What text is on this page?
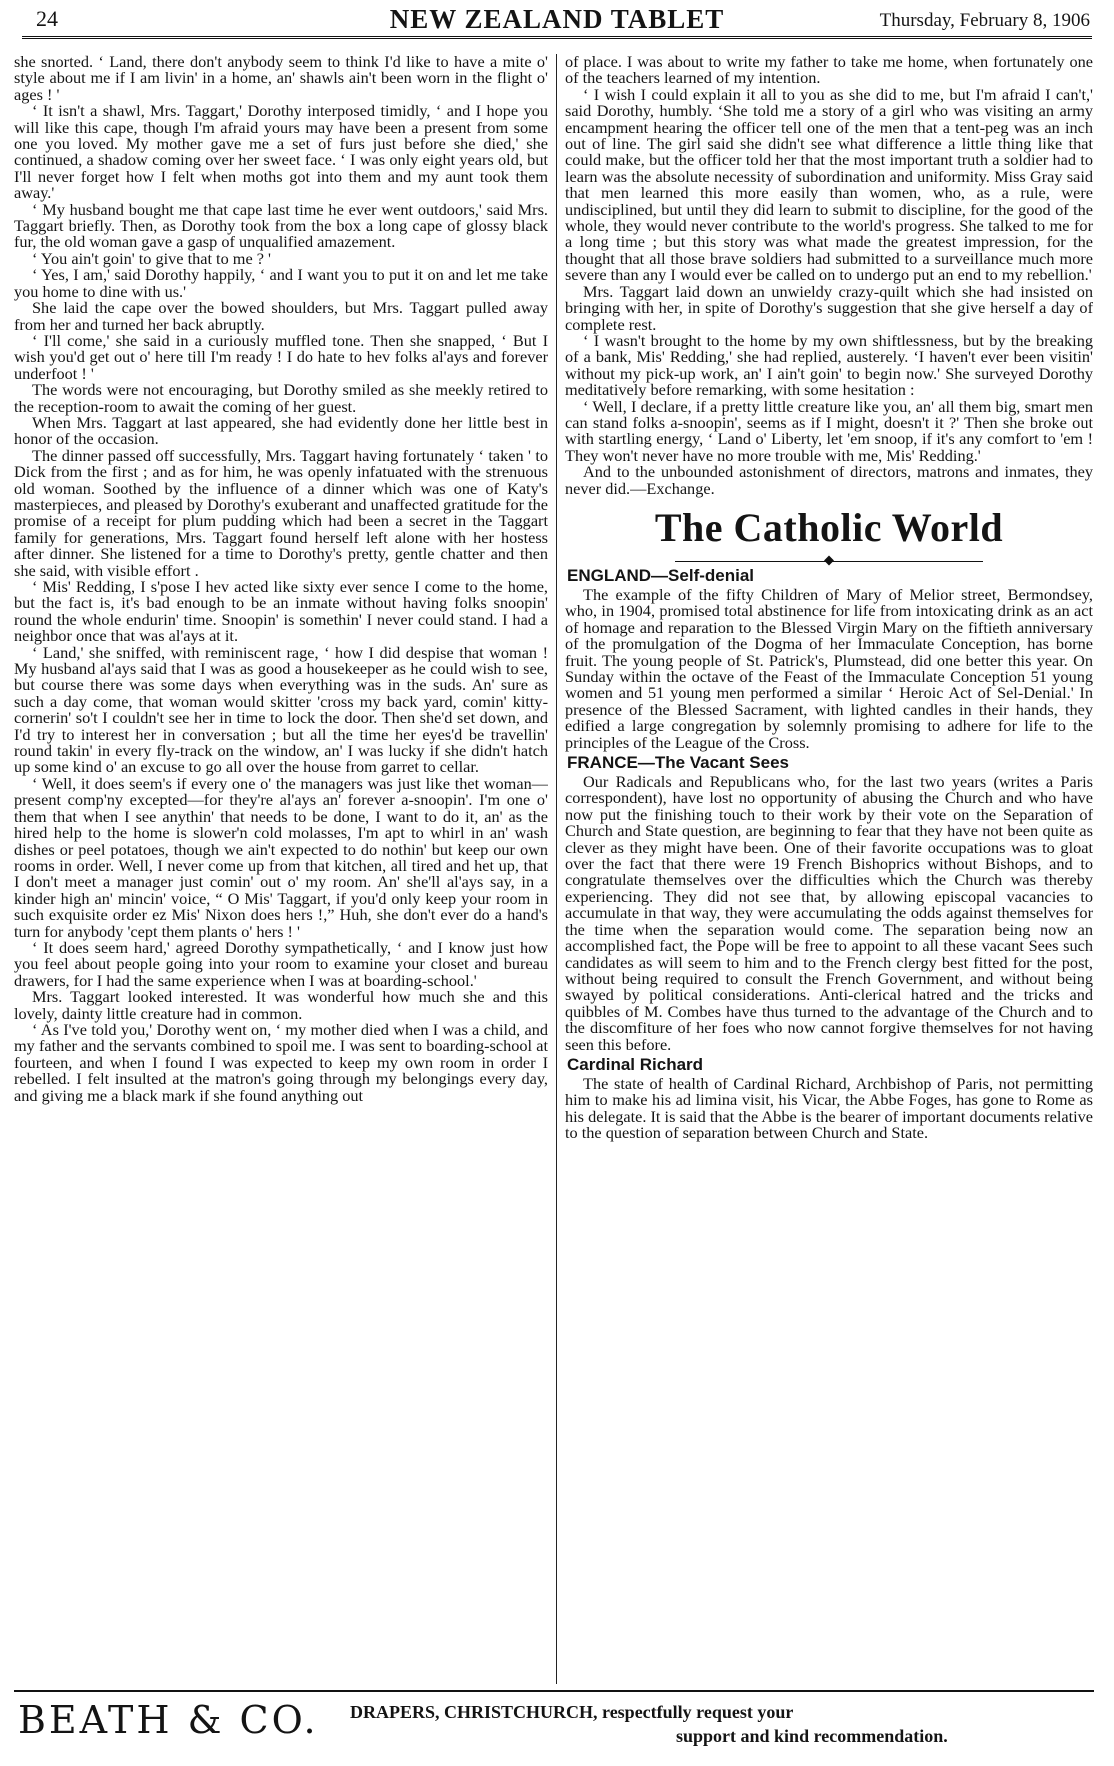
24	NEW ZEALAND TABLET	Thursday, February 8, 1906

she snorted. ‘ Land, there don't anybody seem to think I'd like to have a mite o' style about me if I am livin' in a home, an' shawls ain't been worn in the flight o' ages ! '

‘ It isn't a shawl, Mrs. Taggart,' Dorothy interposed timidly, ‘ and I hope you will like this cape, though I'm afraid yours may have been a present from some one you loved. My mother gave me a set of furs just before she died,' she continued, a shadow coming over her sweet face. ‘ I was only eight years old, but I'll never forget how I felt when moths got into them and my aunt took them away.'

‘ My husband bought me that cape last time he ever went outdoors,' said Mrs. Taggart briefly. Then, as Dorothy took from the box a long cape of glossy black fur, the old woman gave a gasp of unqualified amazement.

‘ You ain't goin' to give that to me ? '

‘ Yes, I am,' said Dorothy happily, ‘ and I want you to put it on and let me take you home to dine with us.'

She laid the cape over the bowed shoulders, but Mrs. Taggart pulled away from her and turned her back abruptly.

‘ I'll come,' she said in a curiously muffled tone. Then she snapped, ‘ But I wish you'd get out o' here till I'm ready ! I do hate to hev folks al'ays and forever underfoot ! '

The words were not encouraging, but Dorothy smiled as she meekly retired to the reception-room to await the coming of her guest.

When Mrs. Taggart at last appeared, she had evidently done her little best in honor of the occasion.

The dinner passed off successfully, Mrs. Taggart having fortunately ‘ taken ' to Dick from the first ; and as for him, he was openly infatuated with the strenuous old woman. Soothed by the influence of a dinner which was one of Katy's masterpieces, and pleased by Dorothy's exuberant and unaffected gratitude for the promise of a receipt for plum pudding which had been a secret in the Taggart family for generations, Mrs. Taggart found herself left alone with her hostess after dinner. She listened for a time to Dorothy's pretty, gentle chatter and then she said, with visible effort .

‘ Mis' Redding, I s'pose I hev acted like sixty ever sence I come to the home, but the fact is, it's bad enough to be an inmate without having folks snoopin' round the whole endurin' time. Snoopin' is somethin' I never could stand. I had a neighbor once that was al'ays at it.

‘ Land,' she sniffed, with reminiscent rage, ‘ how I did despise that woman ! My husband al'ays said that I was as good a housekeeper as he could wish to see, but course there was some days when everything was in the suds. An' sure as such a day come, that woman would skitter 'cross my back yard, comin' kitty-cornerin' so't I couldn't see her in time to lock the door. Then she'd set down, and I'd try to interest her in conversation ; but all the time her eyes'd be travellin' round takin' in every fly-track on the window, an' I was lucky if she didn't hatch up some kind o' an excuse to go all over the house from garret to cellar.

‘ Well, it does seem's if every one o' the managers was just like thet woman—present comp'ny excepted—for they're al'ays an' forever a-snoopin'. I'm one o' them that when I see anythin' that needs to be done, I want to do it, an' as the hired help to the home is slower'n cold molasses, I'm apt to whirl in an' wash dishes or peel potatoes, though we ain't expected to do nothin' but keep our own rooms in order. Well, I never come up from that kitchen, all tired and het up, that I don't meet a manager just comin' out o' my room. An' she'll al'ays say, in a kinder high an' mincin' voice, “ O Mis' Taggart, if you'd only keep your room in such exquisite order ez Mis' Nixon does hers !,” Huh, she don't ever do a hand's turn for anybody 'cept them plants o' hers ! '

‘ It does seem hard,' agreed Dorothy sympathetically, ‘ and I know just how you feel about people going into your room to examine your closet and bureau drawers, for I had the same experience when I was at boarding-school.'

Mrs. Taggart looked interested. It was wonderful how much she and this lovely, dainty little creature had in common.

‘ As I've told you,' Dorothy went on, ‘ my mother died when I was a child, and my father and the servants combined to spoil me. I was sent to boarding-school at fourteen, and when I found I was expected to keep my own room in order I rebelled. I felt insulted at the matron's going through my belongings every day, and giving me a black mark if she found anything out

of place. I was about to write my father to take me home, when fortunately one of the teachers learned of my intention.

‘ I wish I could explain it all to you as she did to me, but I'm afraid I can't,' said Dorothy, humbly. ‘She told me a story of a girl who was visiting an army encampment hearing the officer tell one of the men that a tent-peg was an inch out of line. The girl said she didn't see what difference a little thing like that could make, but the officer told her that the most important truth a soldier had to learn was the absolute necessity of subordination and uniformity. Miss Gray said that men learned this more easily than women, who, as a rule, were undisciplined, but until they did learn to submit to discipline, for the good of the whole, they would never contribute to the world's progress. She talked to me for a long time ; but this story was what made the greatest impression, for the thought that all those brave soldiers had submitted to a surveillance much more severe than any I would ever be called on to undergo put an end to my rebellion.'

Mrs. Taggart laid down an unwieldy crazy-quilt which she had insisted on bringing with her, in spite of Dorothy's suggestion that she give herself a day of complete rest.

‘ I wasn't brought to the home by my own shiftlessness, but by the breaking of a bank, Mis' Redding,' she had replied, austerely. ‘I haven't ever been visitin' without my pick-up work, an' I ain't goin' to begin now.' She surveyed Dorothy meditatively before remarking, with some hesitation :

‘ Well, I declare, if a pretty little creature like you, an' all them big, smart men can stand folks a-snoopin', seems as if I might, doesn't it ?' Then she broke out with startling energy, ‘ Land o' Liberty, let 'em snoop, if it's any comfort to 'em ! They won't never have no more trouble with me, Mis' Redding.'

And to the unbounded astonishment of directors, matrons and inmates, they never did.—Exchange.

The Catholic World
ENGLAND—Self-denial

The example of the fifty Children of Mary of Melior street, Bermondsey, who, in 1904, promised total abstinence for life from intoxicating drink as an act of homage and reparation to the Blessed Virgin Mary on the fiftieth anniversary of the promulgation of the Dogma of her Immaculate Conception, has borne fruit. The young people of St. Patrick's, Plumstead, did one better this year. On Sunday within the octave of the Feast of the Immaculate Conception 51 young women and 51 young men performed a similar ‘ Heroic Act of Sel-Denial.' In presence of the Blessed Sacrament, with lighted candles in their hands, they edified a large congregation by solemnly promising to adhere for life to the principles of the League of the Cross.

FRANCE—The Vacant Sees

Our Radicals and Republicans who, for the last two years (writes a Paris correspondent), have lost no opportunity of abusing the Church and who have now put the finishing touch to their work by their vote on the Separation of Church and State question, are beginning to fear that they have not been quite as clever as they might have been. One of their favorite occupations was to gloat over the fact that there were 19 French Bishoprics without Bishops, and to congratulate themselves over the difficulties which the Church was thereby experiencing. They did not see that, by allowing episcopal vacancies to accumulate in that way, they were accumulating the odds against themselves for the time when the separation would come. The separation being now an accomplished fact, the Pope will be free to appoint to all these vacant Sees such candidates as will seem to him and to the French clergy best fitted for the post, without being required to consult the French Government, and without being swayed by political considerations. Anti-clerical hatred and the tricks and quibbles of M. Combes have thus turned to the advantage of the Church and to the discomfiture of her foes who now cannot forgive themselves for not having seen this before.

Cardinal Richard

The state of health of Cardinal Richard, Archbishop of Paris, not permitting him to make his ad limina visit, his Vicar, the Abbe Foges, has gone to Rome as his delegate. It is said that the Abbe is the bearer of important documents relative to the question of separation between Church and State.

BEATH & CO. DRAPERS, CHRISTCHURCH, respectfully request your
support and kind recommendation.
